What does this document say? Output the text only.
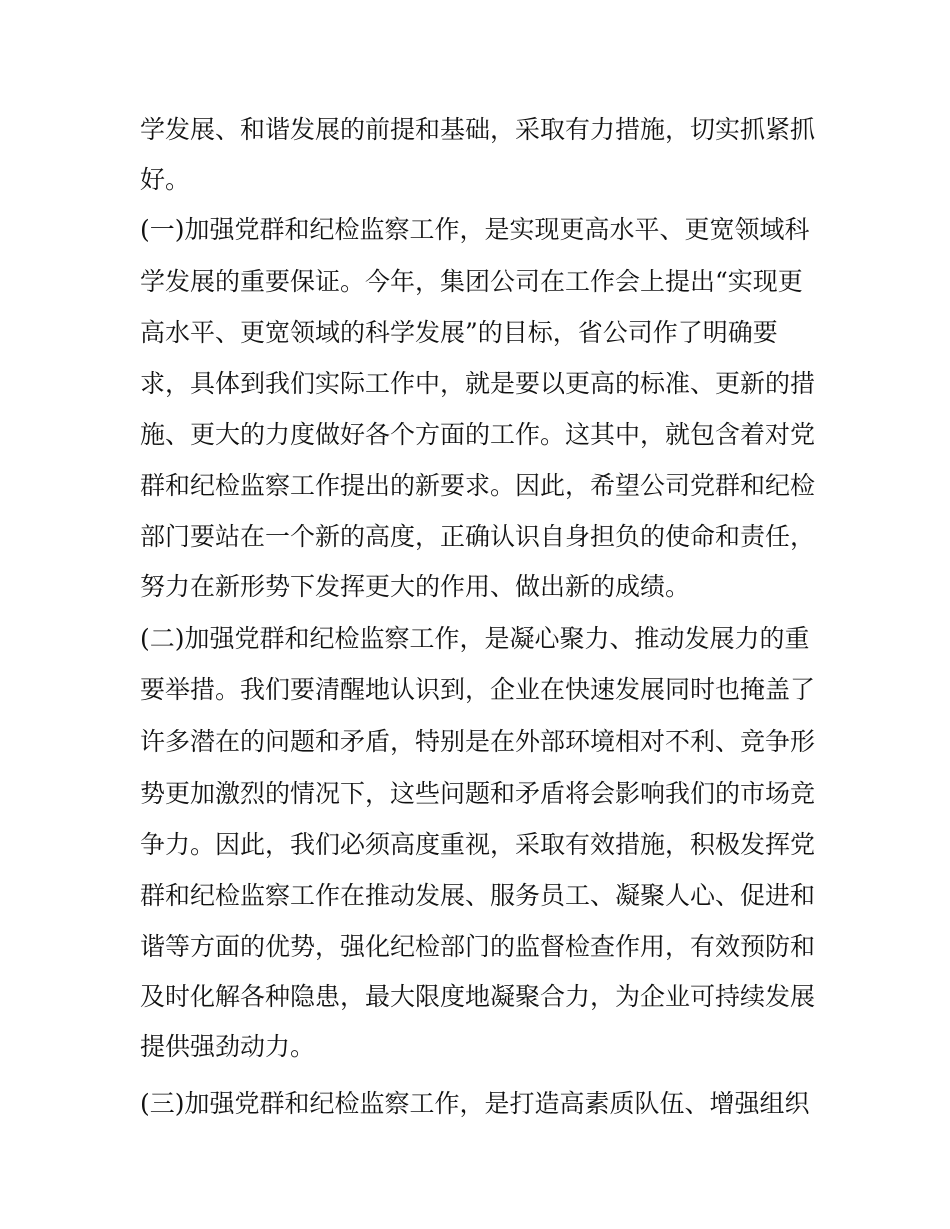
学发展、和谐发展的前提和基础，采取有力措施，切实抓紧抓
好。
(一)加强党群和纪检监察工作，是实现更高水平、更宽领域科
学发展的重要保证。今年，集团公司在工作会上提出“实现更
高水平、更宽领域的科学发展”的目标，省公司作了明确要
求，具体到我们实际工作中，就是要以更高的标准、更新的措
施、更大的力度做好各个方面的工作。这其中，就包含着对党
群和纪检监察工作提出的新要求。因此，希望公司党群和纪检
部门要站在一个新的高度，正确认识自身担负的使命和责任，
努力在新形势下发挥更大的作用、做出新的成绩。
(二)加强党群和纪检监察工作，是凝心聚力、推动发展力的重
要举措。我们要清醒地认识到，企业在快速发展同时也掩盖了
许多潜在的问题和矛盾，特别是在外部环境相对不利、竞争形
势更加激烈的情况下，这些问题和矛盾将会影响我们的市场竞
争力。因此，我们必须高度重视，采取有效措施，积极发挥党
群和纪检监察工作在推动发展、服务员工、凝聚人心、促进和
谐等方面的优势，强化纪检部门的监督检查作用，有效预防和
及时化解各种隐患，最大限度地凝聚合力，为企业可持续发展
提供强劲动力。
(三)加强党群和纪检监察工作，是打造高素质队伍、增强组织
